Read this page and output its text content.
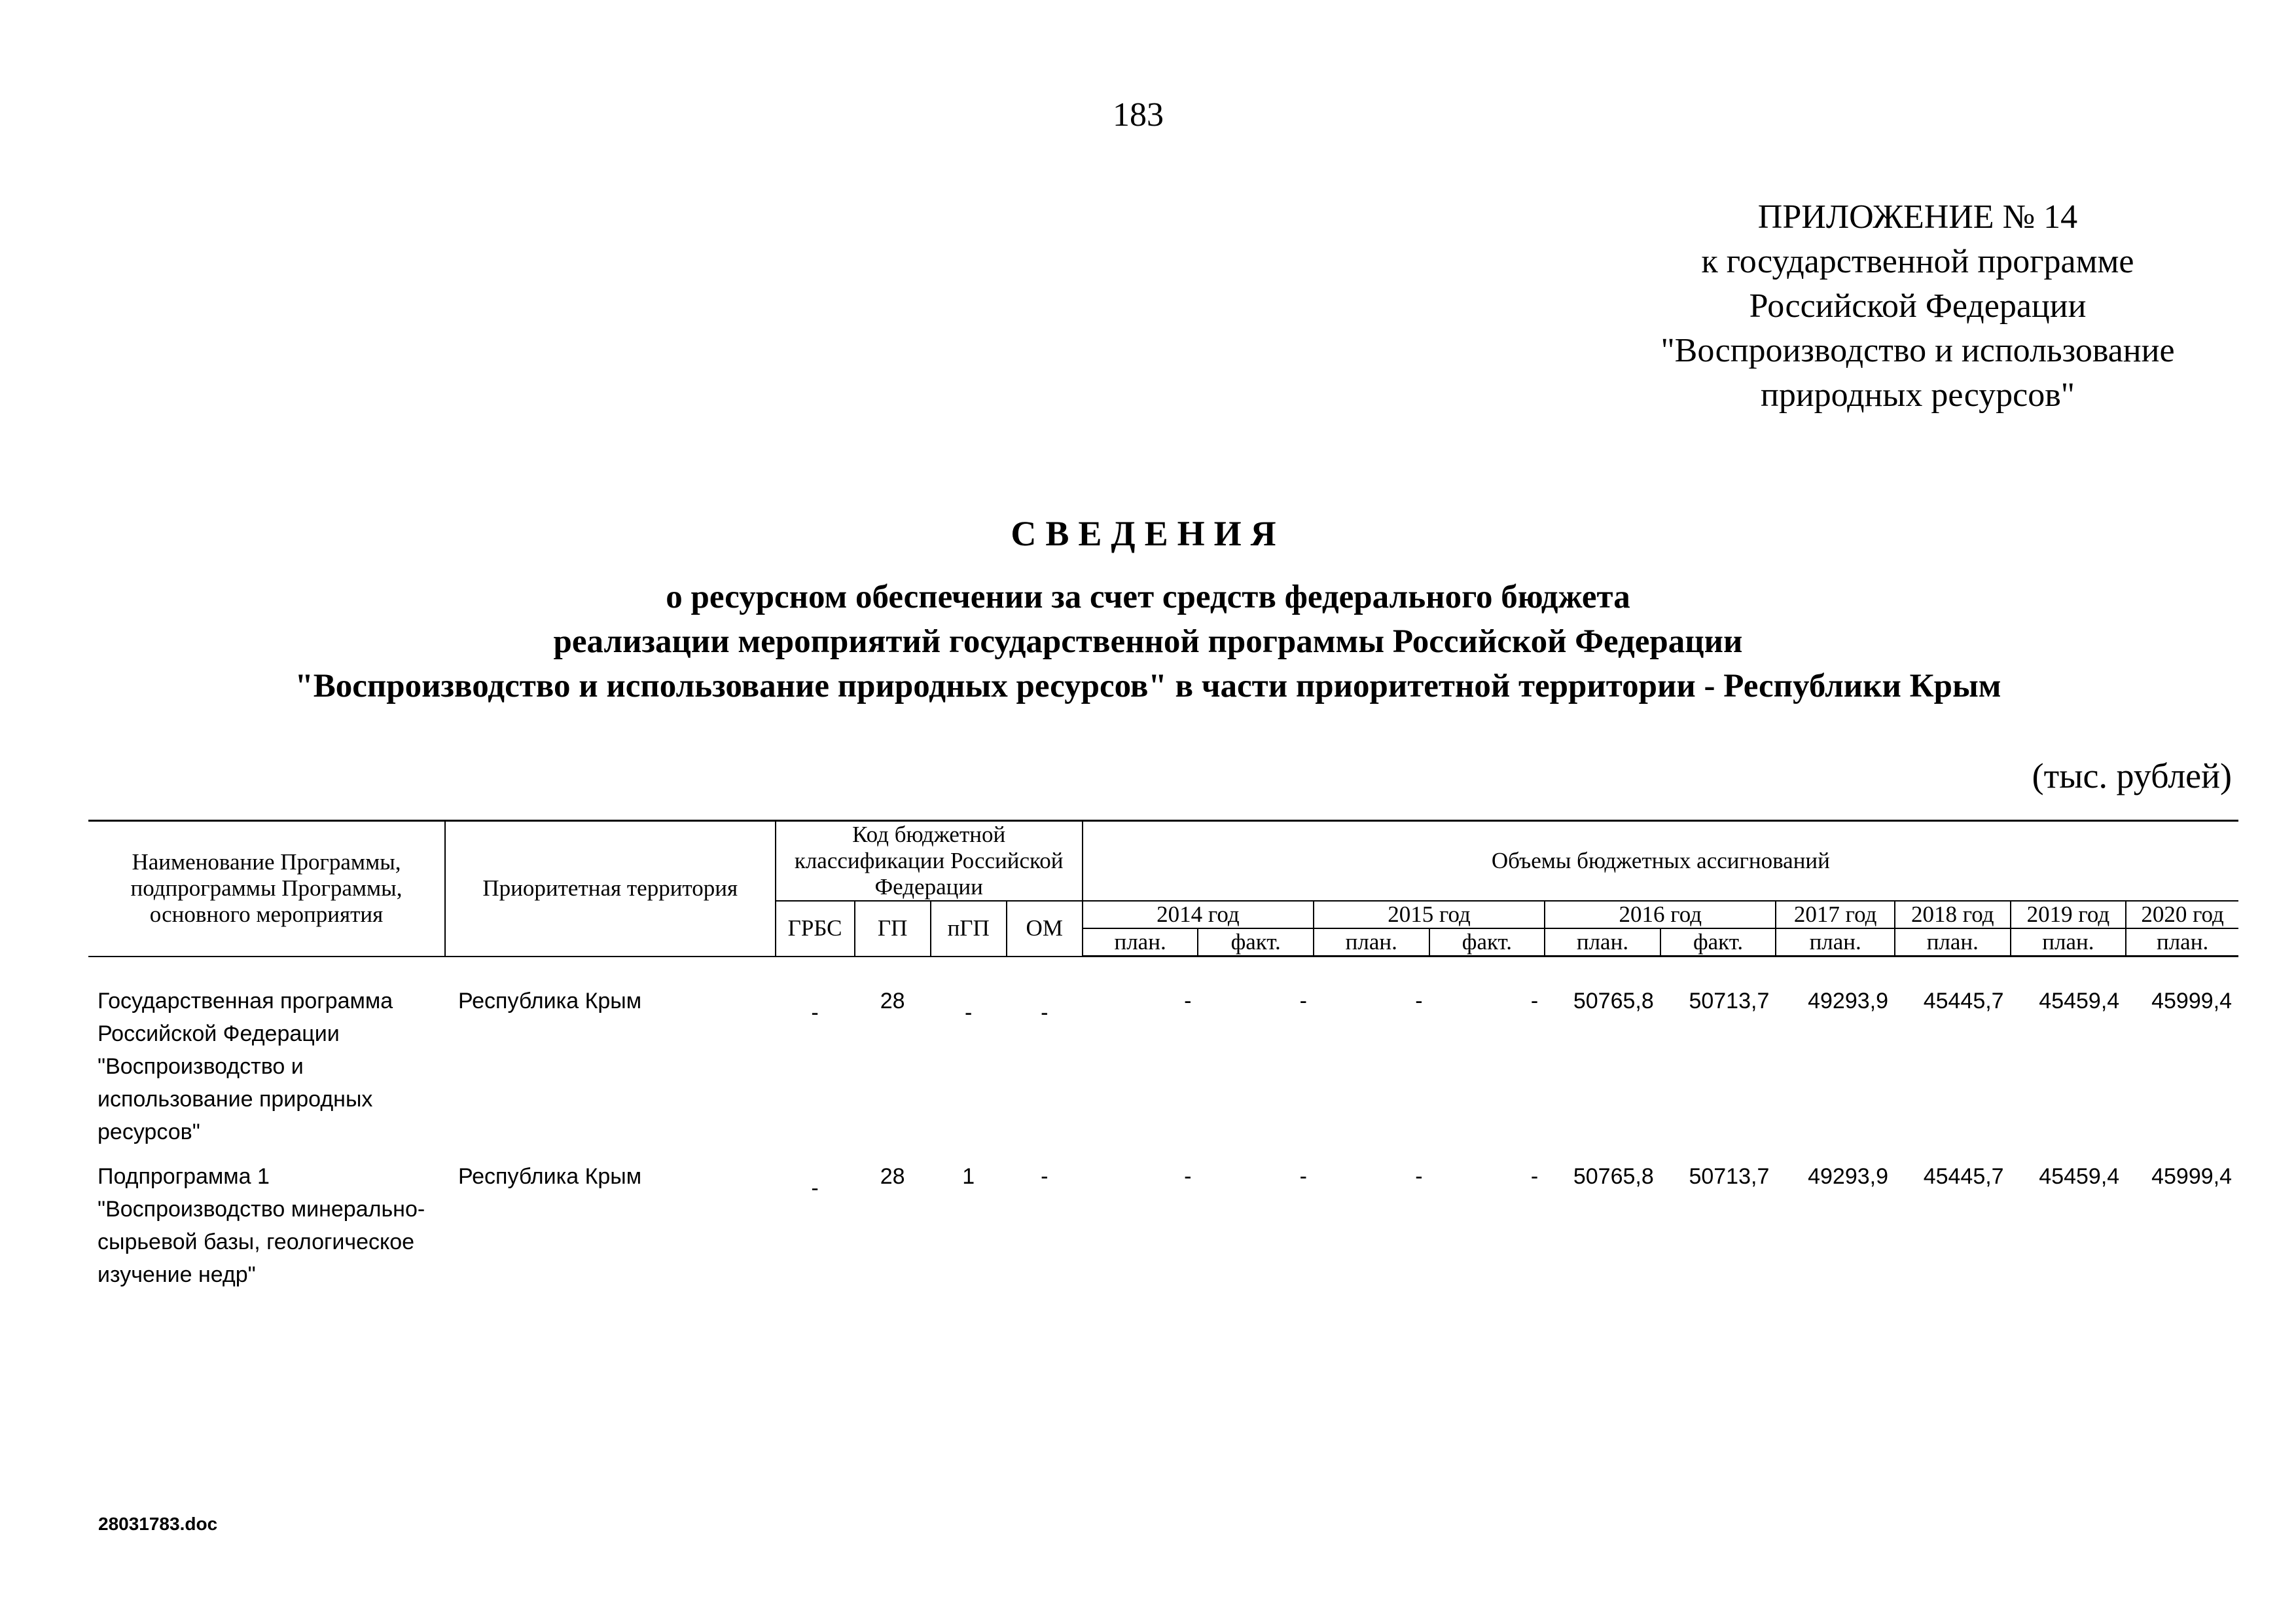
183
ПРИЛОЖЕНИЕ № 14
к государственной программе
Российской Федерации
"Воспроизводство и использование
природных ресурсов"
СВЕДЕНИЯ
о ресурсном обеспечении за счет средств федерального бюджета
реализации мероприятий государственной программы Российской Федерации
"Воспроизводство и использование природных ресурсов" в части приоритетной территории - Республики Крым
(тыс. рублей)
Наименование Программы, подпрограммы Программы, основного мероприятия	Приоритетная территория	Код бюджетной классификации Российской Федерации				Объемы бюджетных ассигнований									
		ГРБС	ГП	пГП	ОМ	2014 год		2015 год		2016 год		2017 год	2018 год	2019 год	2020 год
						план.	факт.	план.	факт.	план.	факт.	план.	план.	план.	план.

Государственная программа Российской Федерации "Воспроизводство и использование природных ресурсов"	Республика Крым	-	28	-	-	-	-	-	-	50765,8	50713,7	49293,9	45445,7	45459,4	45999,4

Подпрограмма 1 "Воспроизводство минерально-сырьевой базы, геологическое изучение недр"	Республика Крым	-	28	1	-	-	-	-	-	50765,8	50713,7	49293,9	45445,7	45459,4	45999,4
28031783.doc
